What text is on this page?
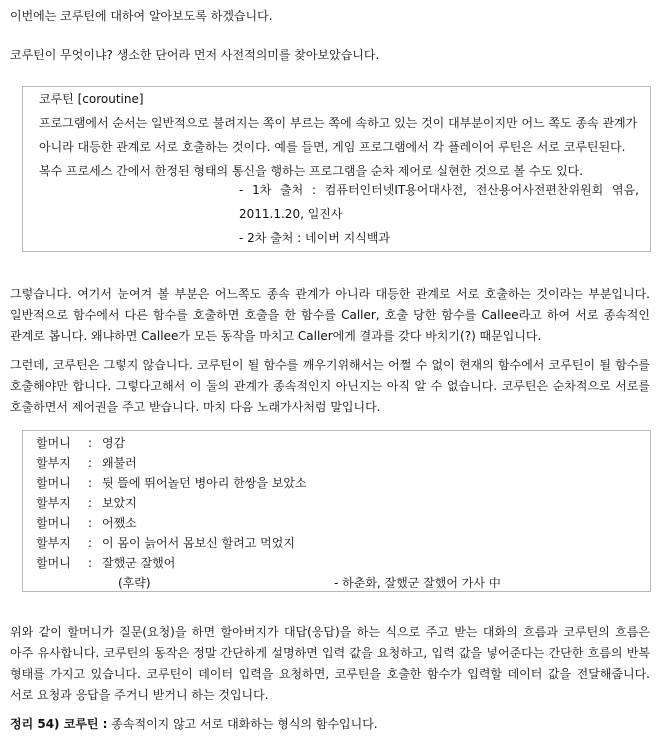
이번에는 코루틴에 대하여 알아보도록 하겠습니다.

코루틴이 무엇이냐? 생소한 단어라 먼저 사전적의미를 찾아보았습니다.

코루틴 [coroutine]
프로그램에서 순서는 일반적으로 불려지는 쪽이 부르는 쪽에 속하고 있는 것이 대부분이지만 어느 쪽도 종속 관계가 아니라 대등한 관계로 서로 호출하는 것이다. 예를 들면, 게임 프로그램에서 각 플레이어 루틴은 서로 코루틴된다. 복수 프로세스 간에서 한정된 형태의 통신을 행하는 프로그램을 순차 제어로 실현한 것으로 볼 수도 있다.
- 1차 출처 : 컴퓨터인터넷IT용어대사전, 전산용어사전편찬위원회 엮음,
2011.1.20, 일진사
- 2차 출처 : 네이버 지식백과

그렇습니다. 여기서 눈여겨 볼 부분은 어느쪽도 종속 관계가 아니라 대등한 관계로 서로 호출하는 것이라는 부분입니다. 일반적으로 함수에서 다른 함수를 호출하면 호출을 한 함수를 Caller, 호출 당한 함수를 Callee라고 하여 서로 종속적인 관계로 봅니다. 왜냐하면 Callee가 모든 동작을 마치고 Caller에게 결과를 갖다 바치기(?) 때문입니다.

그런데, 코루틴은 그렇지 않습니다. 코루틴이 될 함수를 깨우기위해서는 어쩔 수 없이 현재의 함수에서 코루틴이 될 함수를 호출해야만 합니다. 그렇다고해서 이 둘의 관계가 종속적인지 아닌지는 아직 알 수 없습니다. 코루틴은 순차적으로 서로를 호출하면서 제어권을 주고 받습니다. 마치 다음 노래가사처럼 말입니다.

할머니 : 영감
할부지 : 왜불러
할머니 : 뒷 뜰에 뛰어놀던 병아리 한쌍을 보았소
할부지 : 보았지
할머니 : 어쨌소
할부지 : 이 몸이 늙어서 몸보신 할려고 먹었지
할머니 : 잘했군 잘했어
(후략)	- 하춘화, 잘했군 잘했어 가사 中

위와 같이 할머니가 질문(요청)을 하면 할아버지가 대답(응답)을 하는 식으로 주고 받는 대화의 흐름과 코루틴의 흐름은 아주 유사합니다. 코루틴의 동작은 정말 간단하게 설명하면 입력 값을 요청하고, 입력 값을 넣어준다는 간단한 흐름의 반복 형태를 가지고 있습니다. 코루틴이 데이터 입력을 요청하면, 코루틴을 호출한 함수가 입력할 데이터 값을 전달해줍니다. 서로 요청과 응답을 주거니 받거니 하는 것입니다.

정리 54) 코루틴 : 종속적이지 않고 서로 대화하는 형식의 함수입니다.
